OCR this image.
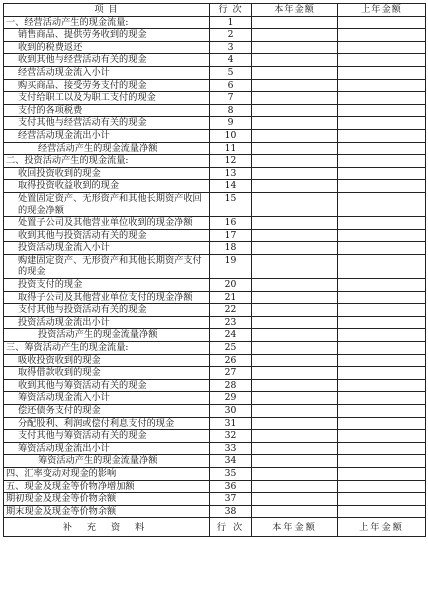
项 目	行 次	本年金额	上年金额
一、经营活动产生的现金流量:	1		
销售商品、提供劳务收到的现金	2		
收到的税费返还	3		
收到其他与经营活动有关的现金	4		
经营活动现金流入小计	5		
购买商品、接受劳务支付的现金	6		
支付给职工以及为职工支付的现金	7		
支付的各项税费	8		
支付其他与经营活动有关的现金	9		
经营活动现金流出小计	10		
经营活动产生的现金流量净额	11		
二、投资活动产生的现金流量:	12		
收回投资收到的现金	13		
取得投资收益收到的现金	14		
处置固定资产、无形资产和其他长期资产收回的现金净额	15		
处置子公司及其他营业单位收到的现金净额	16		
收到其他与投资活动有关的现金	17		
投资活动现金流入小计	18		
购建固定资产、无形资产和其他长期资产支付的现金	19		
投资支付的现金	20		
取得子公司及其他营业单位支付的现金净额	21		
支付其他与投资活动有关的现金	22		
投资活动现金流出小计	23		
投资活动产生的现金流量净额	24		
三、筹资活动产生的现金流量:	25		
吸收投资收到的现金	26		
取得借款收到的现金	27		
收到其他与筹资活动有关的现金	28		
筹资活动现金流入小计	29		
偿还债务支付的现金	30		
分配股利、利润或偿付利息支付的现金	31		
支付其他与筹资活动有关的现金	32		
筹资活动现金流出小计	33		
筹资活动产生的现金流量净额	34		
四、汇率变动对现金的影响	35		
五、现金及现金等价物净增加额	36		
期初现金及现金等价物余额	37		
期末现金及现金等价物余额	38		
补 充 资 料	行 次	本年金额	上年金额
